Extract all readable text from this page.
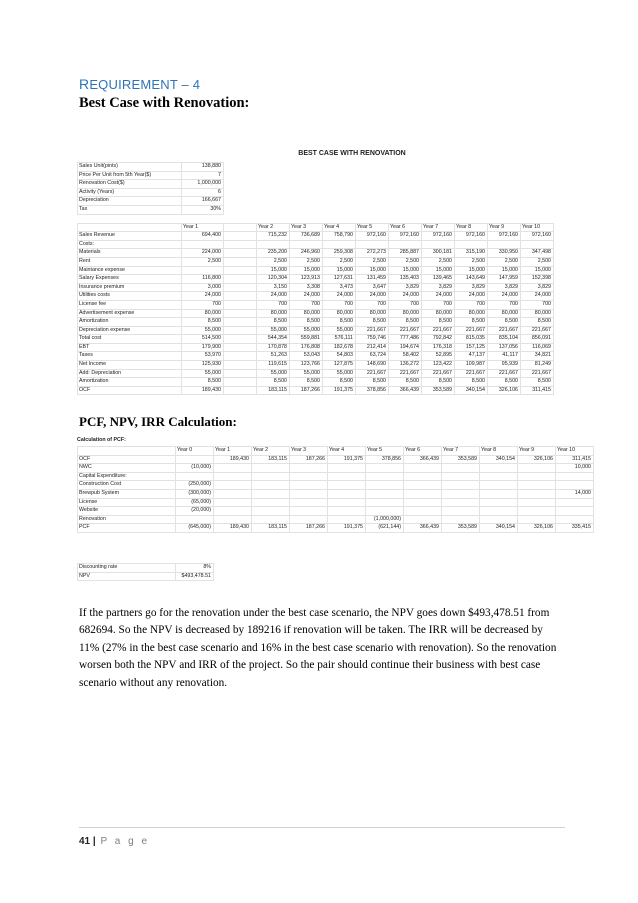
REQUIREMENT – 4
Best Case with Renovation:
BEST CASE WITH RENOVATION
Sales Unit(pints)	138,880
Price Per Unit from 5th Year($)	7
Renovation Cost($)	1,000,000
Activity (Years)	6
Depreciation	166,667
Tax	30%
	Year 1		Year 2	Year 3	Year 4	Year 5	Year 6	Year 7	Year 8	Year 9	Year 10
Sales Revenue	694,400		715,232	736,689	758,790	972,160	972,160	972,160	972,160	972,160	972,160
Costs:											
Materials	224,000		235,200	246,960	259,308	272,273	285,887	300,181	315,190	330,950	347,498
Rent	2,500		2,500	2,500	2,500	2,500	2,500	2,500	2,500	2,500	2,500
Maintance expense			15,000	15,000	15,000	15,000	15,000	15,000	15,000	15,000	15,000
Salary Expenses	116,800		120,304	123,913	127,631	131,459	135,403	139,465	143,649	147,959	152,398
Insurance premium	3,000		3,150	3,308	3,473	3,647	3,829	3,829	3,829	3,829	3,829
Utilities costs	24,000		24,000	24,000	24,000	24,000	24,000	24,000	24,000	24,000	24,000
License fee	700		700	700	700	700	700	700	700	700	700
Advertisement expense	80,000		80,000	80,000	80,000	80,000	80,000	80,000	80,000	80,000	80,000
Amortization	8,500		8,500	8,500	8,500	8,500	8,500	8,500	8,500	8,500	8,500
Depreciation expense	55,000		55,000	55,000	55,000	221,667	221,667	221,667	221,667	221,667	221,667
Total cost	514,500		544,354	559,881	576,111	759,746	777,486	792,842	815,035	835,104	856,091
EBT	179,900		170,878	176,808	182,678	212,414	194,674	176,318	157,125	137,056	116,069
Taxes	53,970		51,263	53,043	54,803	63,724	58,402	52,895	47,137	41,117	34,821
Net Income	125,930		119,615	123,766	127,875	148,690	136,272	123,422	109,987	95,939	81,249
Add: Depreciation	55,000		55,000	55,000	55,000	221,667	221,667	221,667	221,667	221,667	221,667
Amortization	8,500		8,500	8,500	8,500	8,500	8,500	8,500	8,500	8,500	8,500
OCF	189,430		183,115	187,266	191,375	378,856	366,439	353,589	340,154	326,106	311,415
PCF, NPV, IRR Calculation:
Calculation of PCF:
	Year 0	Year 1	Year 2	Year 3	Year 4	Year 5	Year 6	Year 7	Year 8	Year 9	Year 10
OCF		189,430	183,115	187,266	191,375	378,856	366,439	353,589	340,154	326,106	311,415
NWC	(10,000)										10,000
Capital Expenditure:											
Construction Cost	(250,000)										
Brewpub System	(300,000)										14,000
License	(65,000)										
Website	(20,000)										
Renovation						(1,000,000)					
PCF	(645,000)	189,430	183,115	187,266	191,375	(621,144)	366,439	353,589	340,154	326,106	335,415
Discounting rate	8%
NPV	$493,478.51
If the partners go for the renovation under the best case scenario, the NPV goes down $493,478.51 from 682694. So the NPV is decreased by 189216 if renovation will be taken. The IRR will be decreased by 11% (27% in the best case scenario and 16% in the best case scenario with renovation). So the renovation worsen both the NPV and IRR of the project. So the pair should continue their business with best case scenario without any renovation.
41 | P a g e
